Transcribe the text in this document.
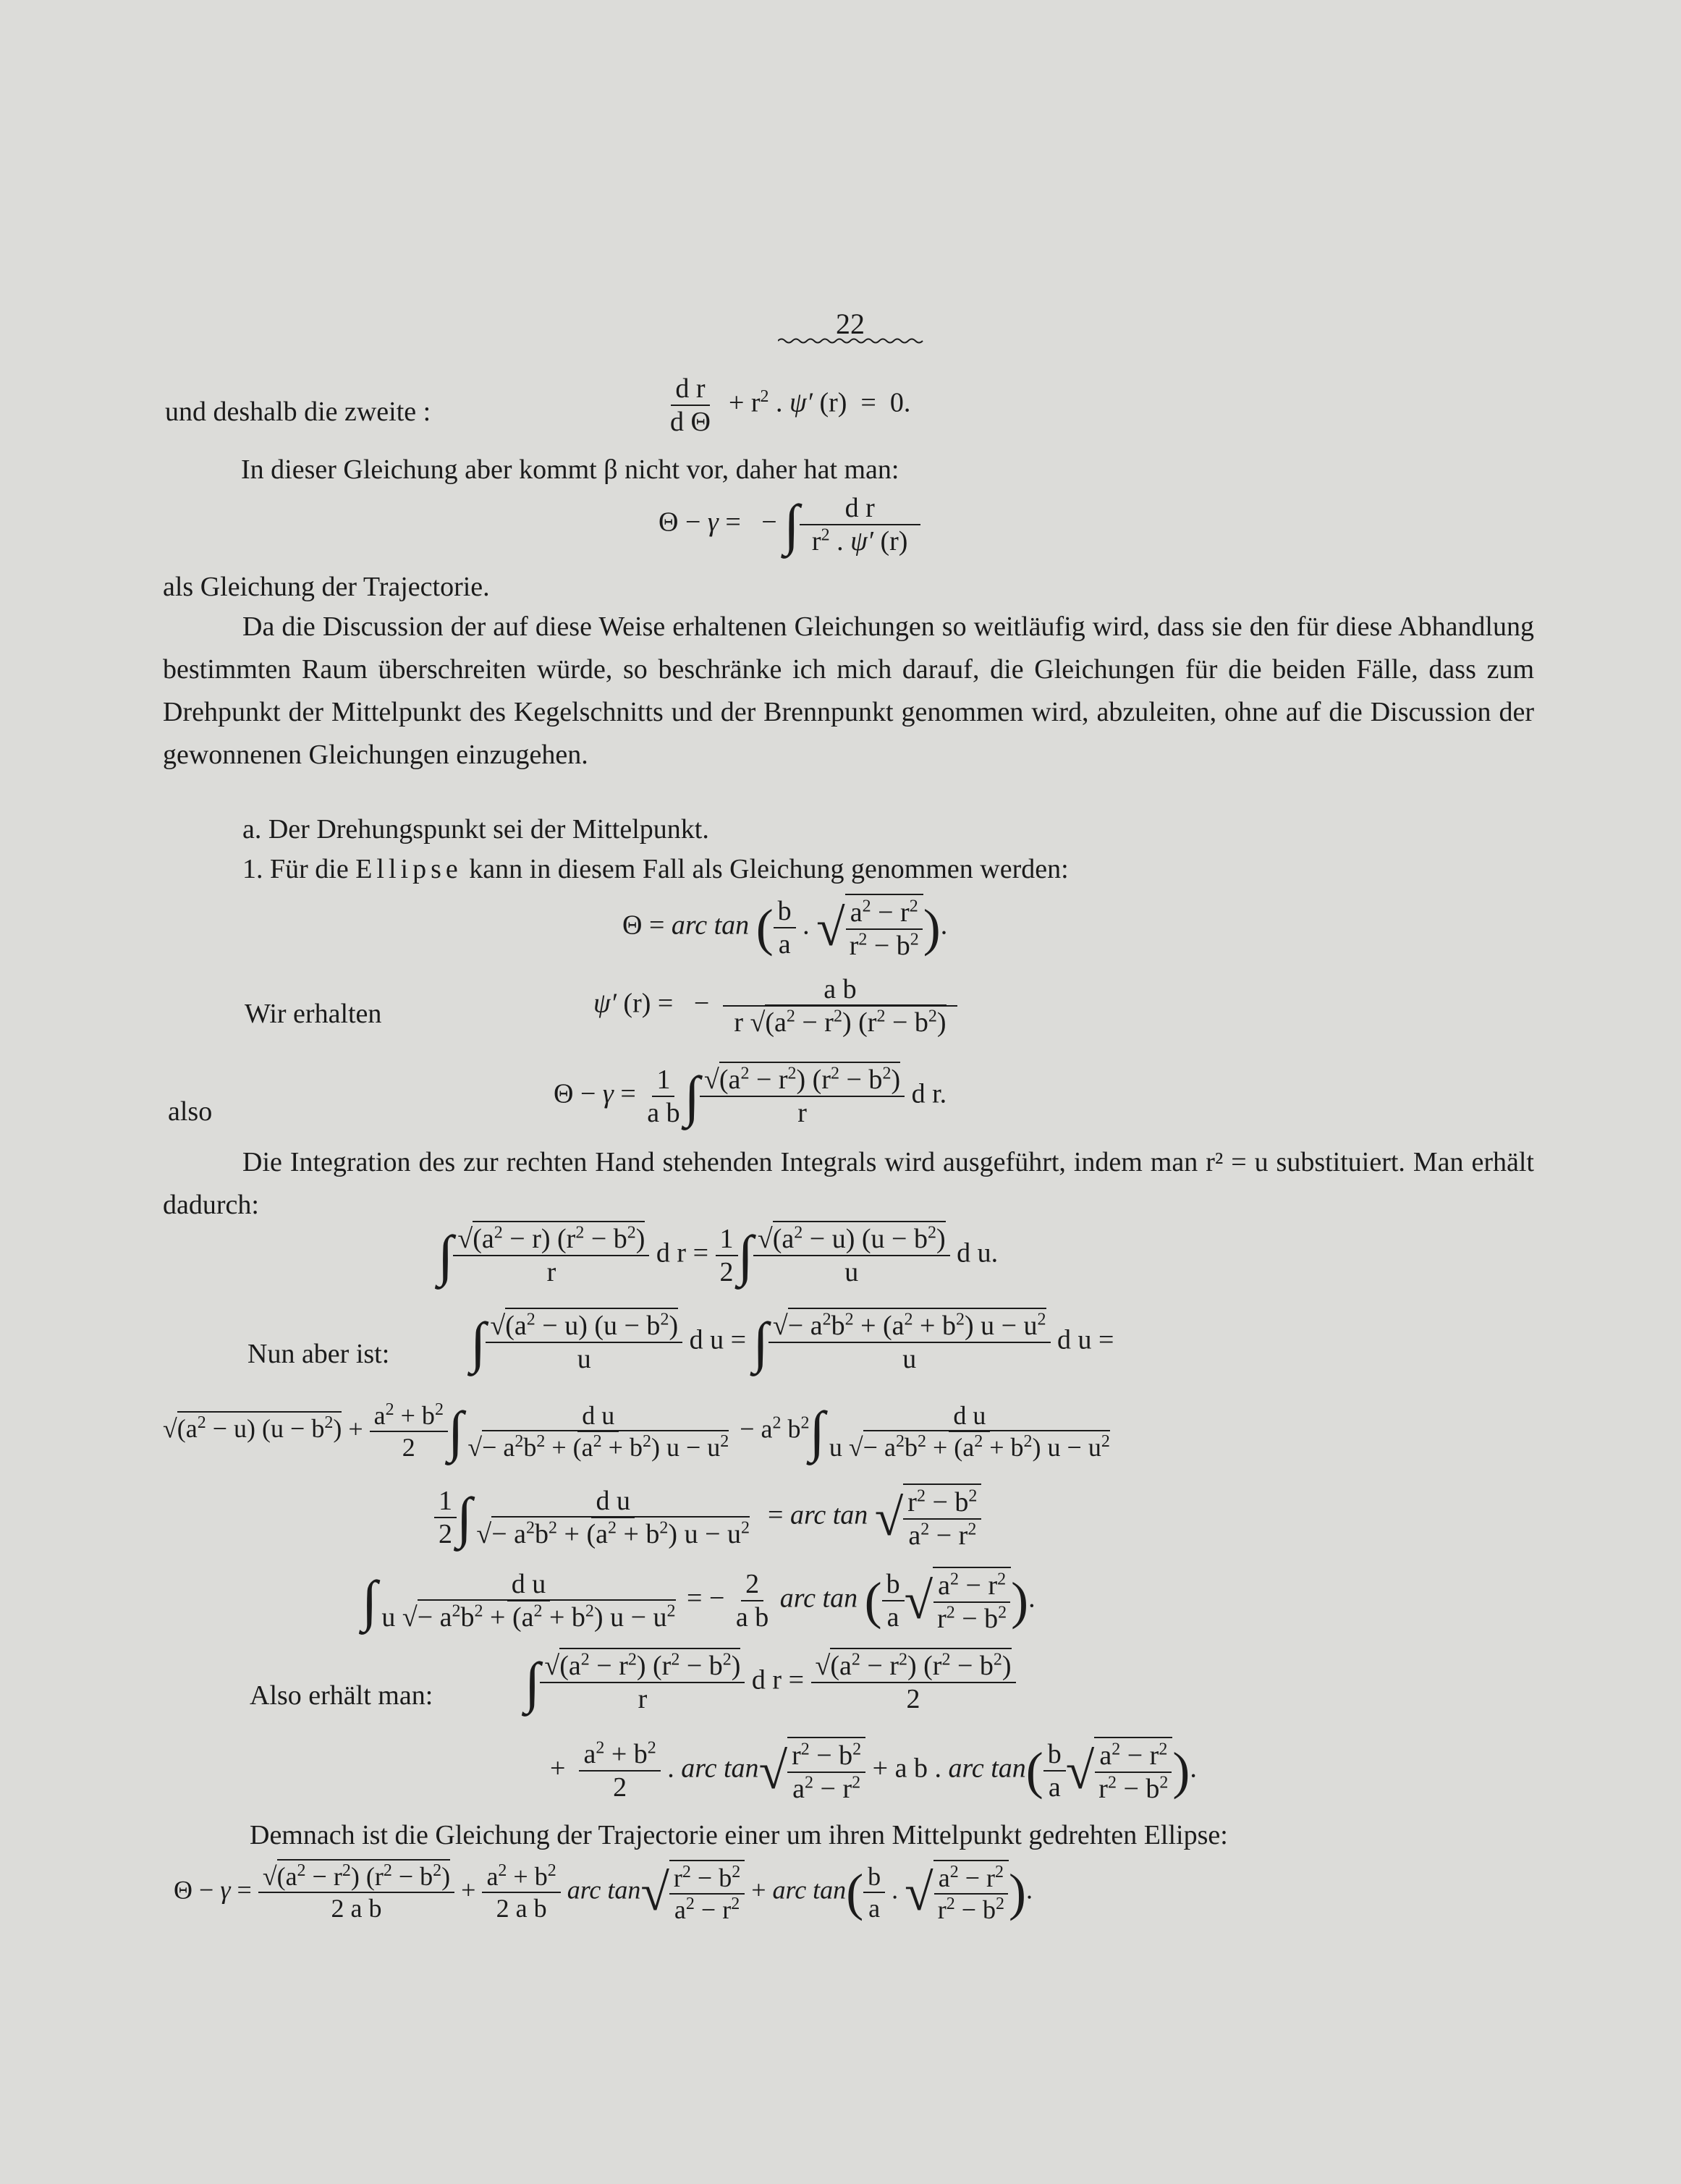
22
und deshalb die zweite :	$\frac{\text{d r}}{\text{d Θ}} + r^2$ . ψ′ (r)  =  0.
In dieser Gleichung aber kommt β nicht vor, daher hat man:
Θ − γ =   − ∫ $\frac{\text{d r}}{r^2 . \psi' (r)}$
als Gleichung der Trajectorie.

Da die Discussion der auf diese Weise erhaltenen Gleichungen so weitläufig wird, dass sie den für diese Abhandlung bestimmten Raum überschreiten würde, so beschränke ich mich darauf, die Gleichungen für die beiden Fälle, dass zum Drehpunkt der Mittelpunkt des Kegelschnitts und der Brennpunkt genommen wird, abzuleiten, ohne auf die Discussion der gewonnenen Gleichungen einzugehen.

a. Der Drehungspunkt sei der Mittelpunkt.
1. Für die Ellipse kann in diesem Fall als Gleichung genommen werden:
Θ = arc tan ( $\frac{b}{a}$ . √ $\frac{a^2 - r^2}{r^2 - b^2}$ ).
Wir erhalten	ψ′ (r) =   − $\frac{\text{a b}}{r √(a^2 - r^2) (r^2 - b^2)}$
also
$\Theta - \gamma = \frac{1}{\text{a b}}$ ∫ $\frac{√(a^2 - r^2) (r^2 - b^2)}{r}$ d r.

Die Integration des zur rechten Hand stehenden Integrals wird ausgeführt, indem man r² = u substituiert. Man erhält dadurch:

∫ $\frac{√(a^2 - r) (r^2 - b^2)}{r}$ d $r = \frac{1}{2}$ ∫ $\frac{√(a^2 - u) (u - b^2)}{u}$ d u.
Nun aber ist: ∫ $\frac{√(a^2 - u) (u - b^2)}{u}$ d u = ∫ $\frac{√- a^2b^2 + (a^2 + b^2) u - u^2}{u}$ d u =
$√(a^2 - u) (u - b^2) + \frac{a^2 + b^2}{2}$ ∫ $\frac{\text{d u}}{√- a^2b^2 + (a^2 + b^2) u - u^2} - a^2$ $b^2\int \frac{\text{d u}}{u √- a^2b^2 + (a^2 + b^2) u - u^2}$
$\frac{1}{2}$ ∫ $\frac{\text{d u}}{√- a^2b^2 + (a^2 + b^2) u - u^2}$ = arc tan √ $\frac{r^2 - b^2}{a^2 - r^2}$
∫ $\frac{\text{d u}}{u √- a^2b^2 + (a^2 + b^2) u - u^2}$ = − $\frac{2}{\text{a b}}$ arc tan ( $\frac{b}{a}$ √ $\frac{a^2 - r^2}{r^2 - b^2}$ ).
Also erhält man: ∫ $\frac{√(a^2 - r^2) (r^2 - b^2)}{r}$ d $r = \frac{√(a^2 - r^2) (r^2 - b^2)}{2}$
+ $\frac{a^2 + b^2}{2}$ . arc $\tan√ \frac{r^2 - b^2}{a^2 - r^2} + a$ b . arc $\tan( \frac{b}{a}$ √ $\frac{a^2 - r^2}{r^2 - b^2}$ ).
Demnach ist die Gleichung der Trajectorie einer um ihren Mittelpunkt gedrehten Ellipse:
$\Theta - \gamma = \frac{√(a^2 - r^2) (r^2 - b^2)}{\text{2 a b}} + \frac{a^2 + b^2}{\text{2 a b}}$ arc $\tan√ \frac{r^2 - b^2}{a^2 - r^2}$ + arc $\tan( \frac{b}{a}$ . √ $\frac{a^2 - r^2}{r^2 - b^2}$ ).
